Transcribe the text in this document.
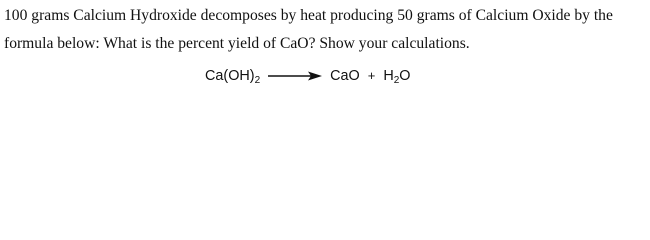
100 grams Calcium Hydroxide decomposes by heat producing 50 grams of Calcium Oxide by the formula below: What is the percent yield of CaO? Show your calculations.

$Ca(OH)_2$ → CaO + $H_2O$
